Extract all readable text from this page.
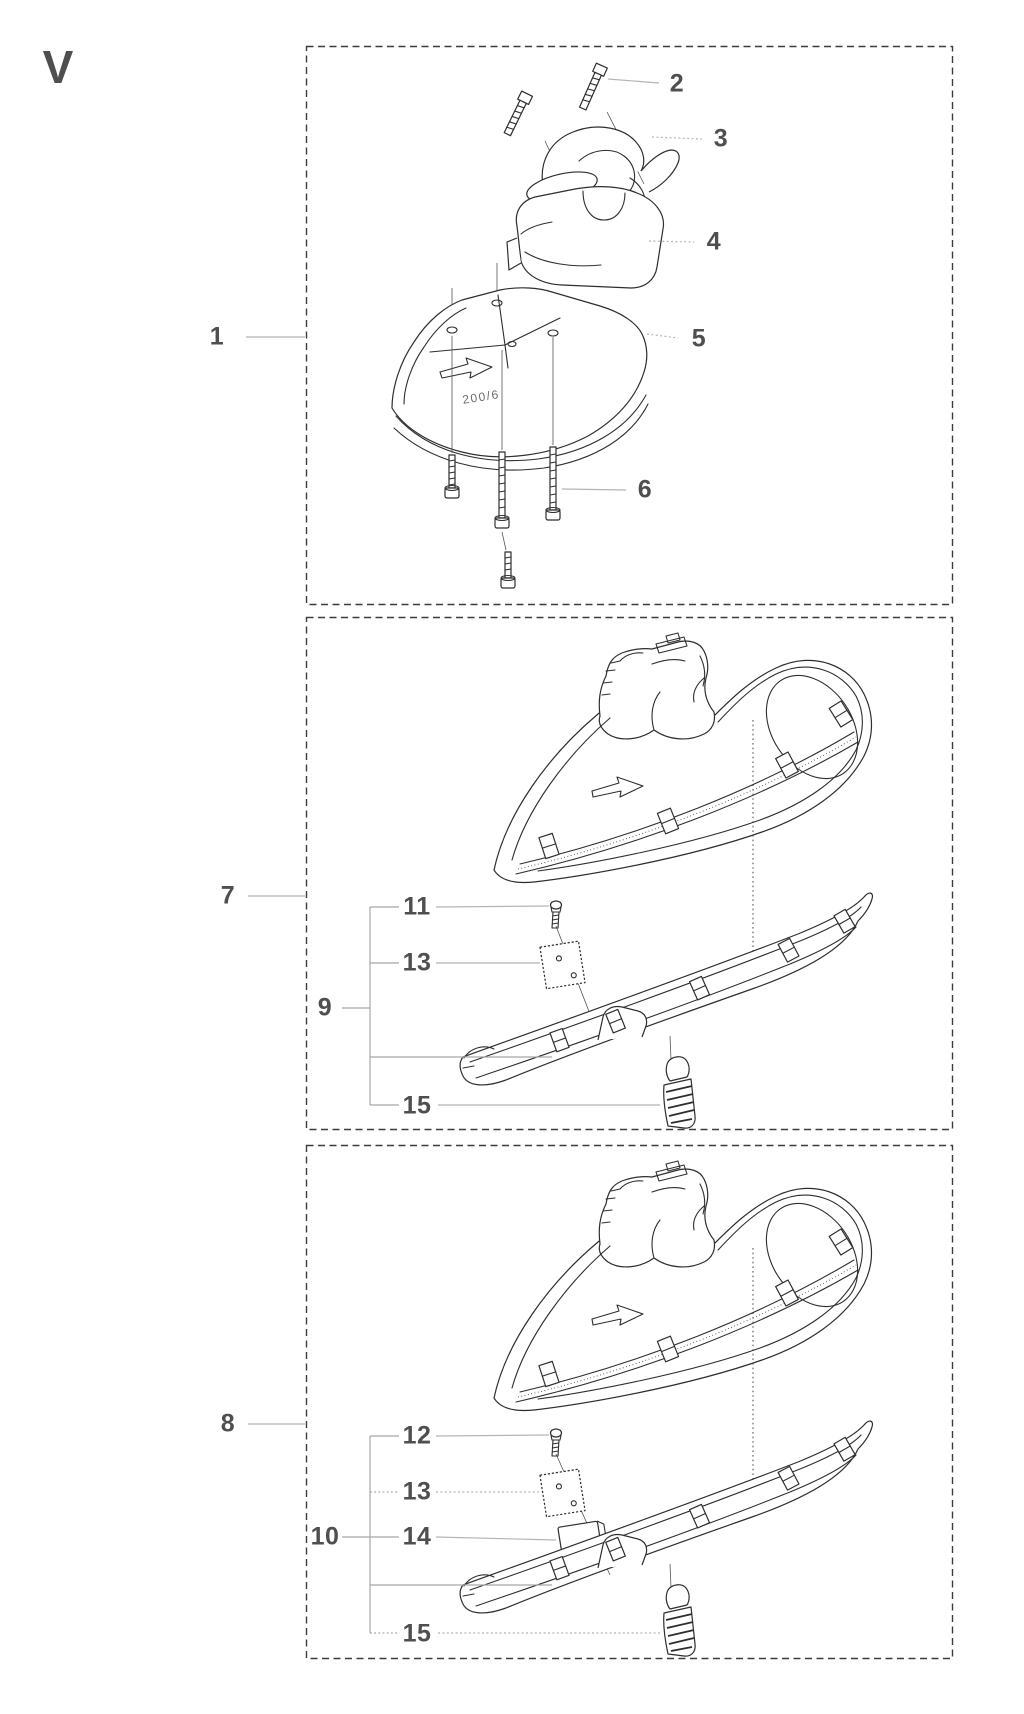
V
1
2
3
4
5
6
200/6
7	11
13
9
15
8	12
13
10	14
15
